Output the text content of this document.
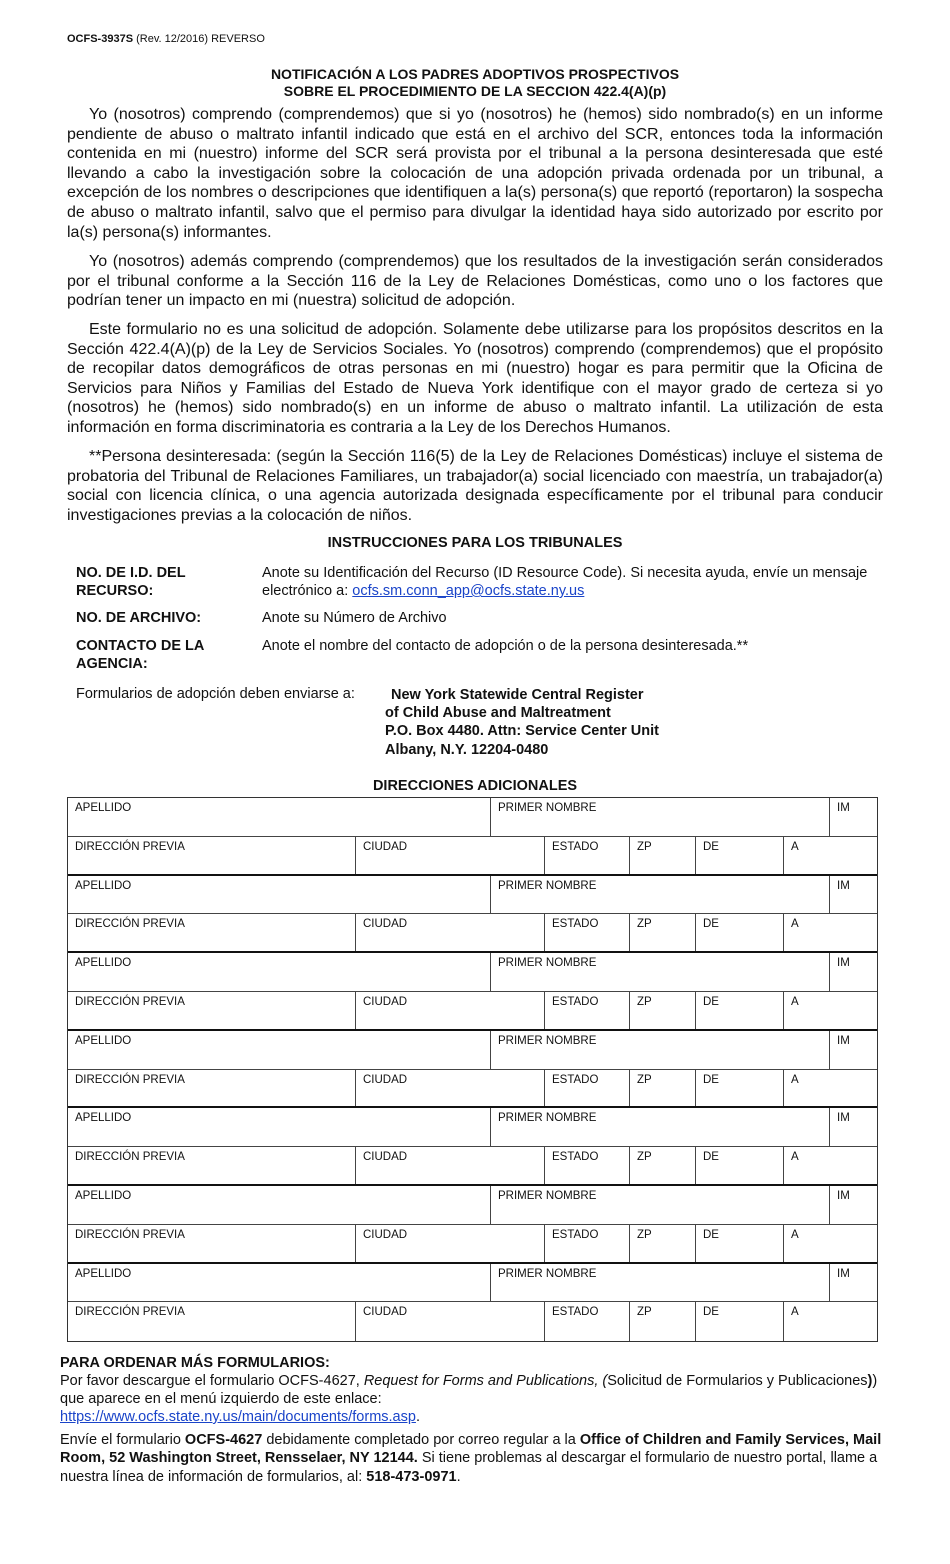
OCFS-3937S (Rev. 12/2016) REVERSO
NOTIFICACIÓN A LOS PADRES ADOPTIVOS PROSPECTIVOS
SOBRE EL PROCEDIMIENTO DE LA SECCION 422.4(A)(p)
Yo (nosotros) comprendo (comprendemos) que si yo (nosotros) he (hemos) sido nombrado(s) en un informe pendiente de abuso o maltrato infantil indicado que está en el archivo del SCR, entonces toda la información contenida en mi (nuestro) informe del SCR será provista por el tribunal a la persona desinteresada que esté llevando a cabo la investigación sobre la colocación de una adopción privada ordenada por un tribunal, a excepción de los nombres o descripciones que identifiquen a la(s) persona(s) que reportó (reportaron) la sospecha de abuso o maltrato infantil, salvo que el permiso para divulgar la identidad haya sido autorizado por escrito por la(s) persona(s) informantes.
Yo (nosotros) además comprendo (comprendemos) que los resultados de la investigación serán considerados por el tribunal conforme a la Sección 116 de la Ley de Relaciones Domésticas, como uno o los factores que podrían tener un impacto en mi (nuestra) solicitud de adopción.
Este formulario no es una solicitud de adopción. Solamente debe utilizarse para los propósitos descritos en la Sección 422.4(A)(p) de la Ley de Servicios Sociales. Yo (nosotros) comprendo (comprendemos) que el propósito de recopilar datos demográficos de otras personas en mi (nuestro) hogar es para permitir que la Oficina de Servicios para Niños y Familias del Estado de Nueva York identifique con el mayor grado de certeza si yo (nosotros) he (hemos) sido nombrado(s) en un informe de abuso o maltrato infantil. La utilización de esta información en forma discriminatoria es contraria a la Ley de los Derechos Humanos.
**Persona desinteresada: (según la Sección 116(5) de la Ley de Relaciones Domésticas) incluye el sistema de probatoria del Tribunal de Relaciones Familiares, un trabajador(a) social licenciado con maestría, un trabajador(a) social con licencia clínica, o una agencia autorizada designada específicamente por el tribunal para conducir investigaciones previas a la colocación de niños.
INSTRUCCIONES PARA LOS TRIBUNALES
NO. DE I.D. DEL RECURSO:
Anote su Identificación del Recurso (ID Resource Code). Si necesita ayuda, envíe un mensaje electrónico a: ocfs.sm.conn_app@ocfs.state.ny.us
NO. DE ARCHIVO:	Anote su Número de Archivo
CONTACTO DE LA AGENCIA:
Anote el nombre del contacto de adopción o de la persona desinteresada.**
Formularios de adopción deben enviarse a:	New York Statewide Central Register
of Child Abuse and Maltreatment
P.O. Box 4480. Attn: Service Center Unit
Albany, N.Y. 12204-0480
DIRECCIONES ADICIONALES
APELLIDO	PRIMER NOMBRE	IM
DIRECCIÓN PREVIA	CIUDAD	ESTADO	ZP	DE	A
APELLIDO	PRIMER NOMBRE	IM
DIRECCIÓN PREVIA	CIUDAD	ESTADO	ZP	DE	A
APELLIDO	PRIMER NOMBRE	IM
DIRECCIÓN PREVIA	CIUDAD	ESTADO	ZP	DE	A
APELLIDO	PRIMER NOMBRE	IM
DIRECCIÓN PREVIA	CIUDAD	ESTADO	ZP	DE	A
APELLIDO	PRIMER NOMBRE	IM
DIRECCIÓN PREVIA	CIUDAD	ESTADO	ZP	DE	A
APELLIDO	PRIMER NOMBRE	IM
DIRECCIÓN PREVIA	CIUDAD	ESTADO	ZP	DE	A
APELLIDO	PRIMER NOMBRE	IM
DIRECCIÓN PREVIA	CIUDAD	ESTADO	ZP	DE	A
PARA ORDENAR MÁS FORMULARIOS:
Por favor descargue el formulario OCFS-4627, Request for Forms and Publications, (Solicitud de Formularios y Publicaciones)) que aparece en el menú izquierdo de este enlace:
https://www.ocfs.state.ny.us/main/documents/forms.asp.
Envíe el formulario OCFS-4627 debidamente completado por correo regular a la Office of Children and Family Services, Mail Room, 52 Washington Street, Rensselaer, NY 12144. Si tiene problemas al descargar el formulario de nuestro portal, llame a nuestra línea de información de formularios, al: 518-473-0971.
